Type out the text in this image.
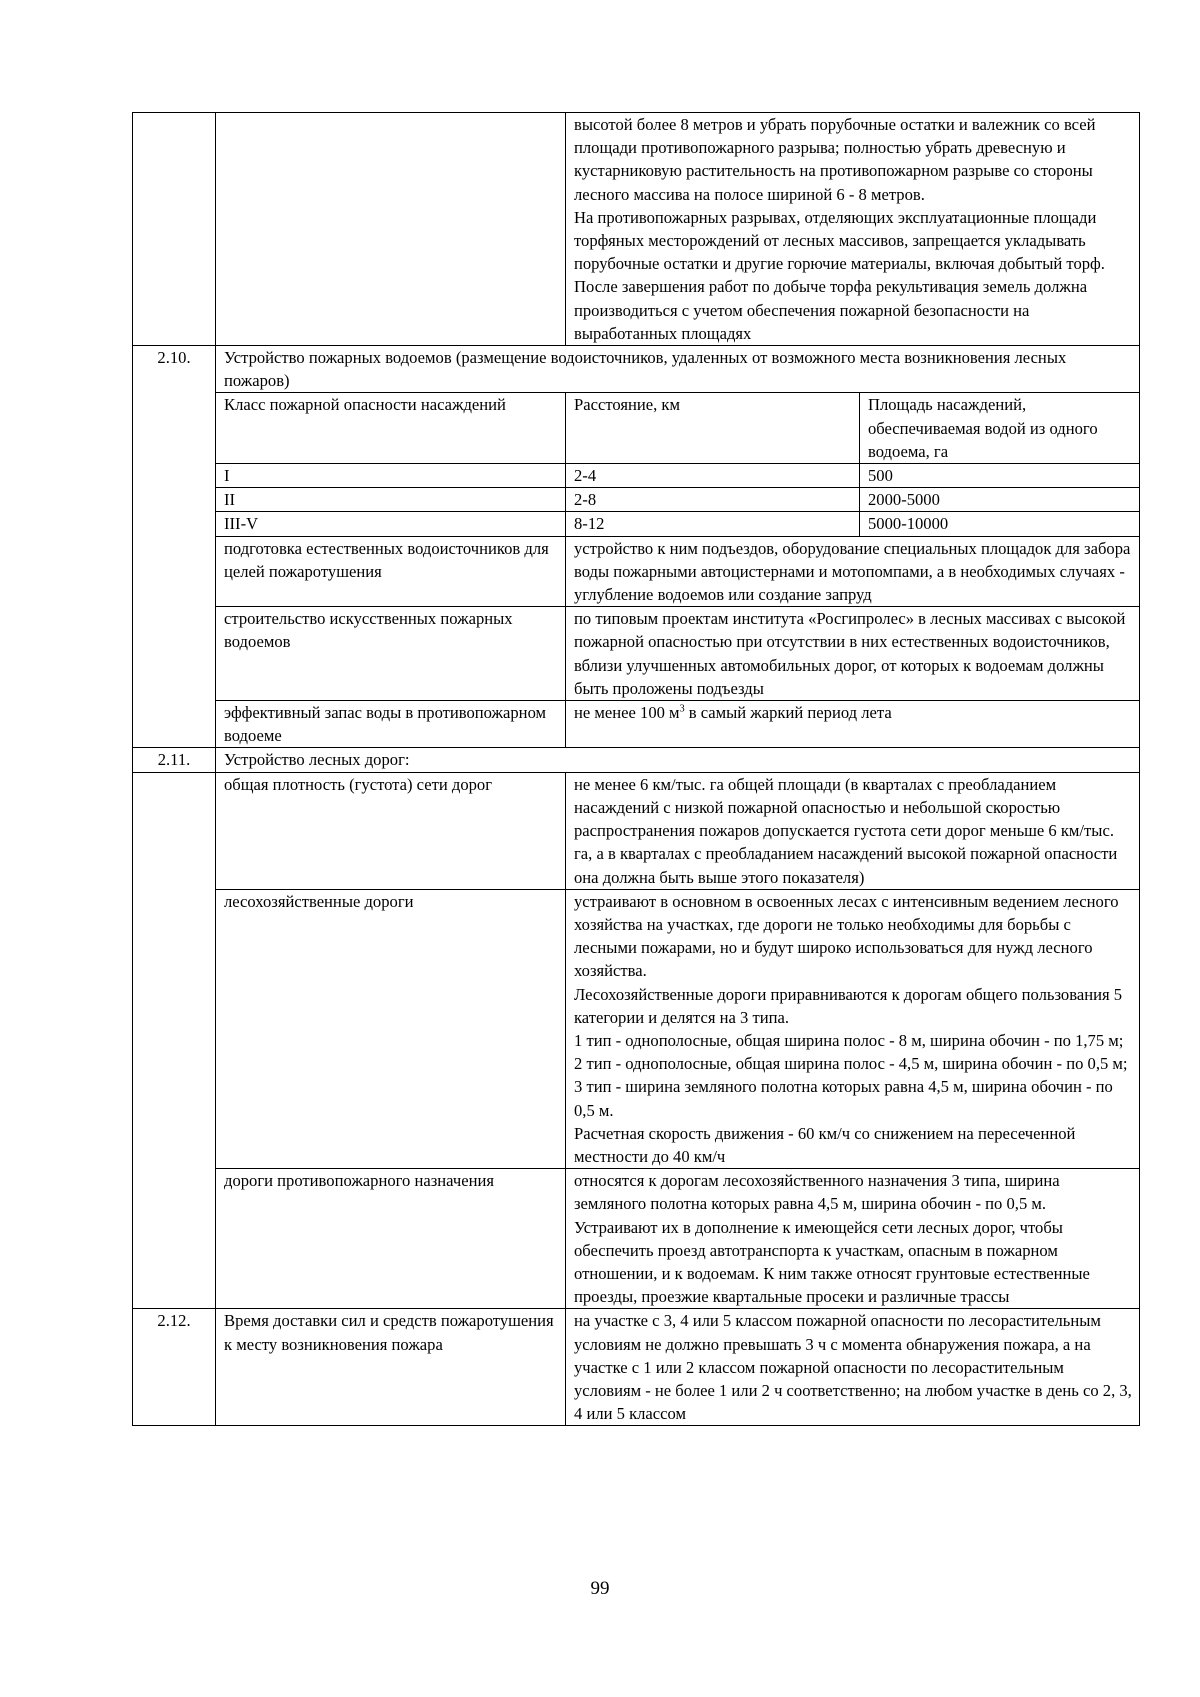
		высотой более 8 метров и убрать порубочные остатки и валежник со всей площади противопожарного разрыва; полностью убрать древесную и кустарниковую растительность на противопожарном разрыве со стороны лесного массива на полосе шириной 6 - 8 метров.
На противопожарных разрывах, отделяющих эксплуатационные площади торфяных месторождений от лесных массивов, запрещается укладывать порубочные остатки и другие горючие материалы, включая добытый торф.
После завершения работ по добыче торфа рекультивация земель должна производиться с учетом обеспечения пожарной безопасности на выработанных площадях	

2.10.	Устройство пожарных водоемов (размещение водоисточников, удаленных от возможного места возникновения лесных пожаров)		
	Класс пожарной опасности насаждений	Расстояние, км	Площадь насаждений, обеспечиваемая водой из одного водоема, га
	I	2-4	500
	II	2-8	2000-5000
	III-V	8-12	5000-10000
	подготовка естественных водоисточников для целей пожаротушения	устройство к ним подъездов, оборудование специальных площадок для забора воды пожарными автоцистернами и мотопомпами, а в необходимых случаях - углубление водоемов или создание запруд	
	строительство искусственных пожарных водоемов	по типовым проектам института «Росгипролес» в лесных массивах с высокой пожарной опасностью при отсутствии в них естественных водоисточников, вблизи улучшенных автомобильных дорог, от которых к водоемам должны быть проложены подъезды	
	эффективный запас воды в противопожарном водоеме	не менее 100 $м^3$ в самый жаркий период лета	
2.11.	Устройство лесных дорог:		
	общая плотность (густота) сети дорог	не менее 6 км/тыс. га общей площади (в кварталах с преобладанием насаждений с низкой пожарной опасностью и небольшой скоростью распространения пожаров допускается густота сети дорог меньше 6 км/тыс. га, а в кварталах с преобладанием насаждений высокой пожарной опасности она должна быть выше этого показателя)	

	лесохозяйственные дороги	устраивают в основном в освоенных лесах с интенсивным ведением лесного хозяйства на участках, где дороги не только необходимы для борьбы с лесными пожарами, но и будут широко использоваться для нужд лесного хозяйства.
Лесохозяйственные дороги приравниваются к дорогам общего пользования 5 категории и делятся на 3 типа.
1 тип - однополосные, общая ширина полос - 8 м, ширина обочин - по 1,75 м; 2 тип - однополосные, общая ширина полос - 4,5 м, ширина обочин - по 0,5 м; 3 тип - ширина земляного полотна которых равна 4,5 м, ширина обочин - по 0,5 м.
Расчетная скорость движения - 60 км/ч со снижением на пересеченной местности до 40 км/ч	

	дороги противопожарного назначения	относятся к дорогам лесохозяйственного назначения 3 типа, ширина земляного полотна которых равна 4,5 м, ширина обочин - по 0,5 м. Устраивают их в дополнение к имеющейся сети лесных дорог, чтобы обеспечить проезд автотранспорта к участкам, опасным в пожарном отношении, и к водоемам. К ним также относят грунтовые естественные проезды, проезжие квартальные просеки и различные трассы	

2.12.	Время доставки сил и средств пожаротушения к месту возникновения пожара	на участке с 3, 4 или 5 классом пожарной опасности по лесорастительным условиям не должно превышать 3 ч с момента обнаружения пожара, а на участке с 1 или 2 классом пожарной опасности по лесорастительным условиям - не более 1 или 2 ч соответственно; на любом участке в день со 2, 3, 4 или 5 классом	
99
